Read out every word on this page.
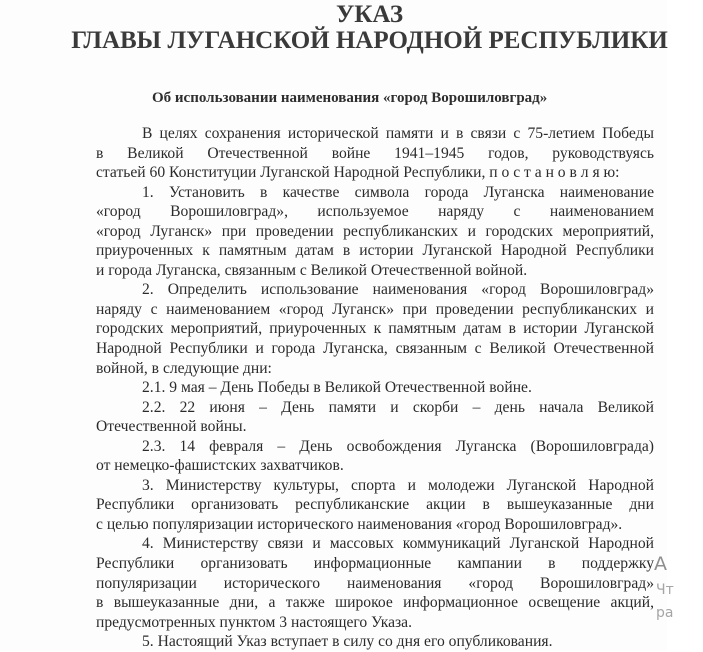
УКАЗ
ГЛАВЫ ЛУГАНСКОЙ НАРОДНОЙ РЕСПУБЛИКИ
Об использовании наименования «город Ворошиловград»
В целях сохранения исторической памяти и в связи с 75-летием Победы
в Великой Отечественной войне 1941–1945 годов, руководствуясь
статьей 60 Конституции Луганской Народной Республики, п о с т а н о в л я ю:
1. Установить в качестве символа города Луганска наименование
«город Ворошиловград», используемое наряду с наименованием
«город Луганск» при проведении республиканских и городских мероприятий,
приуроченных к памятным датам в истории Луганской Народной Республики
и города Луганска, связанным с Великой Отечественной войной.
2. Определить использование наименования «город Ворошиловград»
наряду с наименованием «город Луганск» при проведении республиканских и
городских мероприятий, приуроченных к памятным датам в истории Луганской
Народной Республики и города Луганска, связанным с Великой Отечественной
войной, в следующие дни:
2.1. 9 мая – День Победы в Великой Отечественной войне.
2.2. 22 июня – День памяти и скорби – день начала Великой
Отечественной войны.
2.3. 14 февраля – День освобождения Луганска (Ворошиловграда)
от немецко-фашистских захватчиков.
3. Министерству культуры, спорта и молодежи Луганской Народной
Республики организовать республиканские акции в вышеуказанные дни
с целью популяризации исторического наименования «город Ворошиловград».
4. Министерству связи и массовых коммуникаций Луганской Народной
Республики организовать информационные кампании в поддержку
популяризации исторического наименования «город Ворошиловград»
в вышеуказанные дни, а также широкое информационное освещение акций,
предусмотренных пунктом 3 настоящего Указа.
5. Настоящий Указ вступает в силу со дня его опубликования.
А
Чт
ра
